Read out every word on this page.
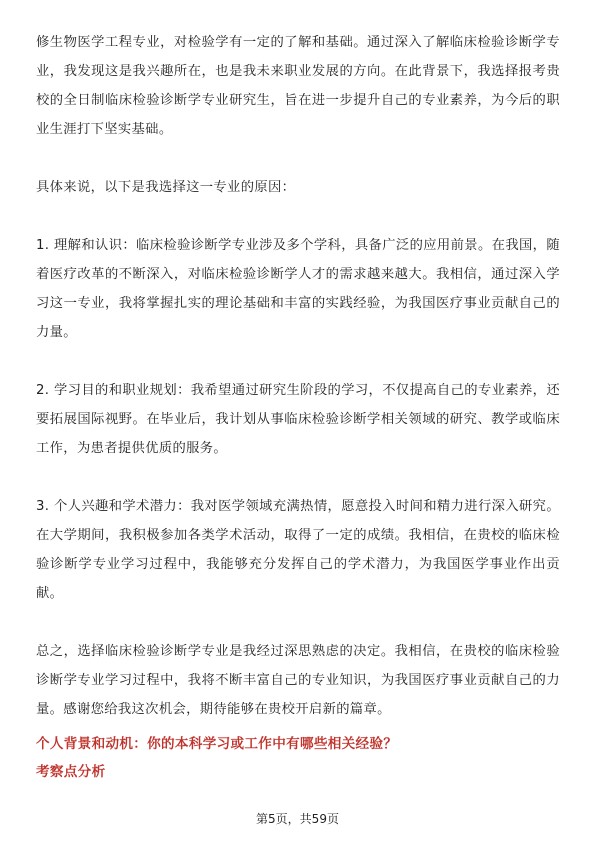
修生物医学工程专业，对检验学有一定的了解和基础。通过深入了解临床检验诊断学专业，我发现这是我兴趣所在，也是我未来职业发展的方向。在此背景下，我选择报考贵校的全日制临床检验诊断学专业研究生，旨在进一步提升自己的专业素养，为今后的职业生涯打下坚实基础。

具体来说，以下是我选择这一专业的原因：

1. 理解和认识：临床检验诊断学专业涉及多个学科，具备广泛的应用前景。在我国，随着医疗改革的不断深入，对临床检验诊断学人才的需求越来越大。我相信，通过深入学习这一专业，我将掌握扎实的理论基础和丰富的实践经验，为我国医疗事业贡献自己的力量。

2. 学习目的和职业规划：我希望通过研究生阶段的学习，不仅提高自己的专业素养，还要拓展国际视野。在毕业后，我计划从事临床检验诊断学相关领域的研究、教学或临床工作，为患者提供优质的服务。

3. 个人兴趣和学术潜力：我对医学领域充满热情，愿意投入时间和精力进行深入研究。在大学期间，我积极参加各类学术活动，取得了一定的成绩。我相信，在贵校的临床检验诊断学专业学习过程中，我能够充分发挥自己的学术潜力，为我国医学事业作出贡献。

总之，选择临床检验诊断学专业是我经过深思熟虑的决定。我相信，在贵校的临床检验诊断学专业学习过程中，我将不断丰富自己的专业知识，为我国医疗事业贡献自己的力量。感谢您给我这次机会，期待能够在贵校开启新的篇章。

个人背景和动机：你的本科学习或工作中有哪些相关经验？

考察点分析

第5页，共59页
